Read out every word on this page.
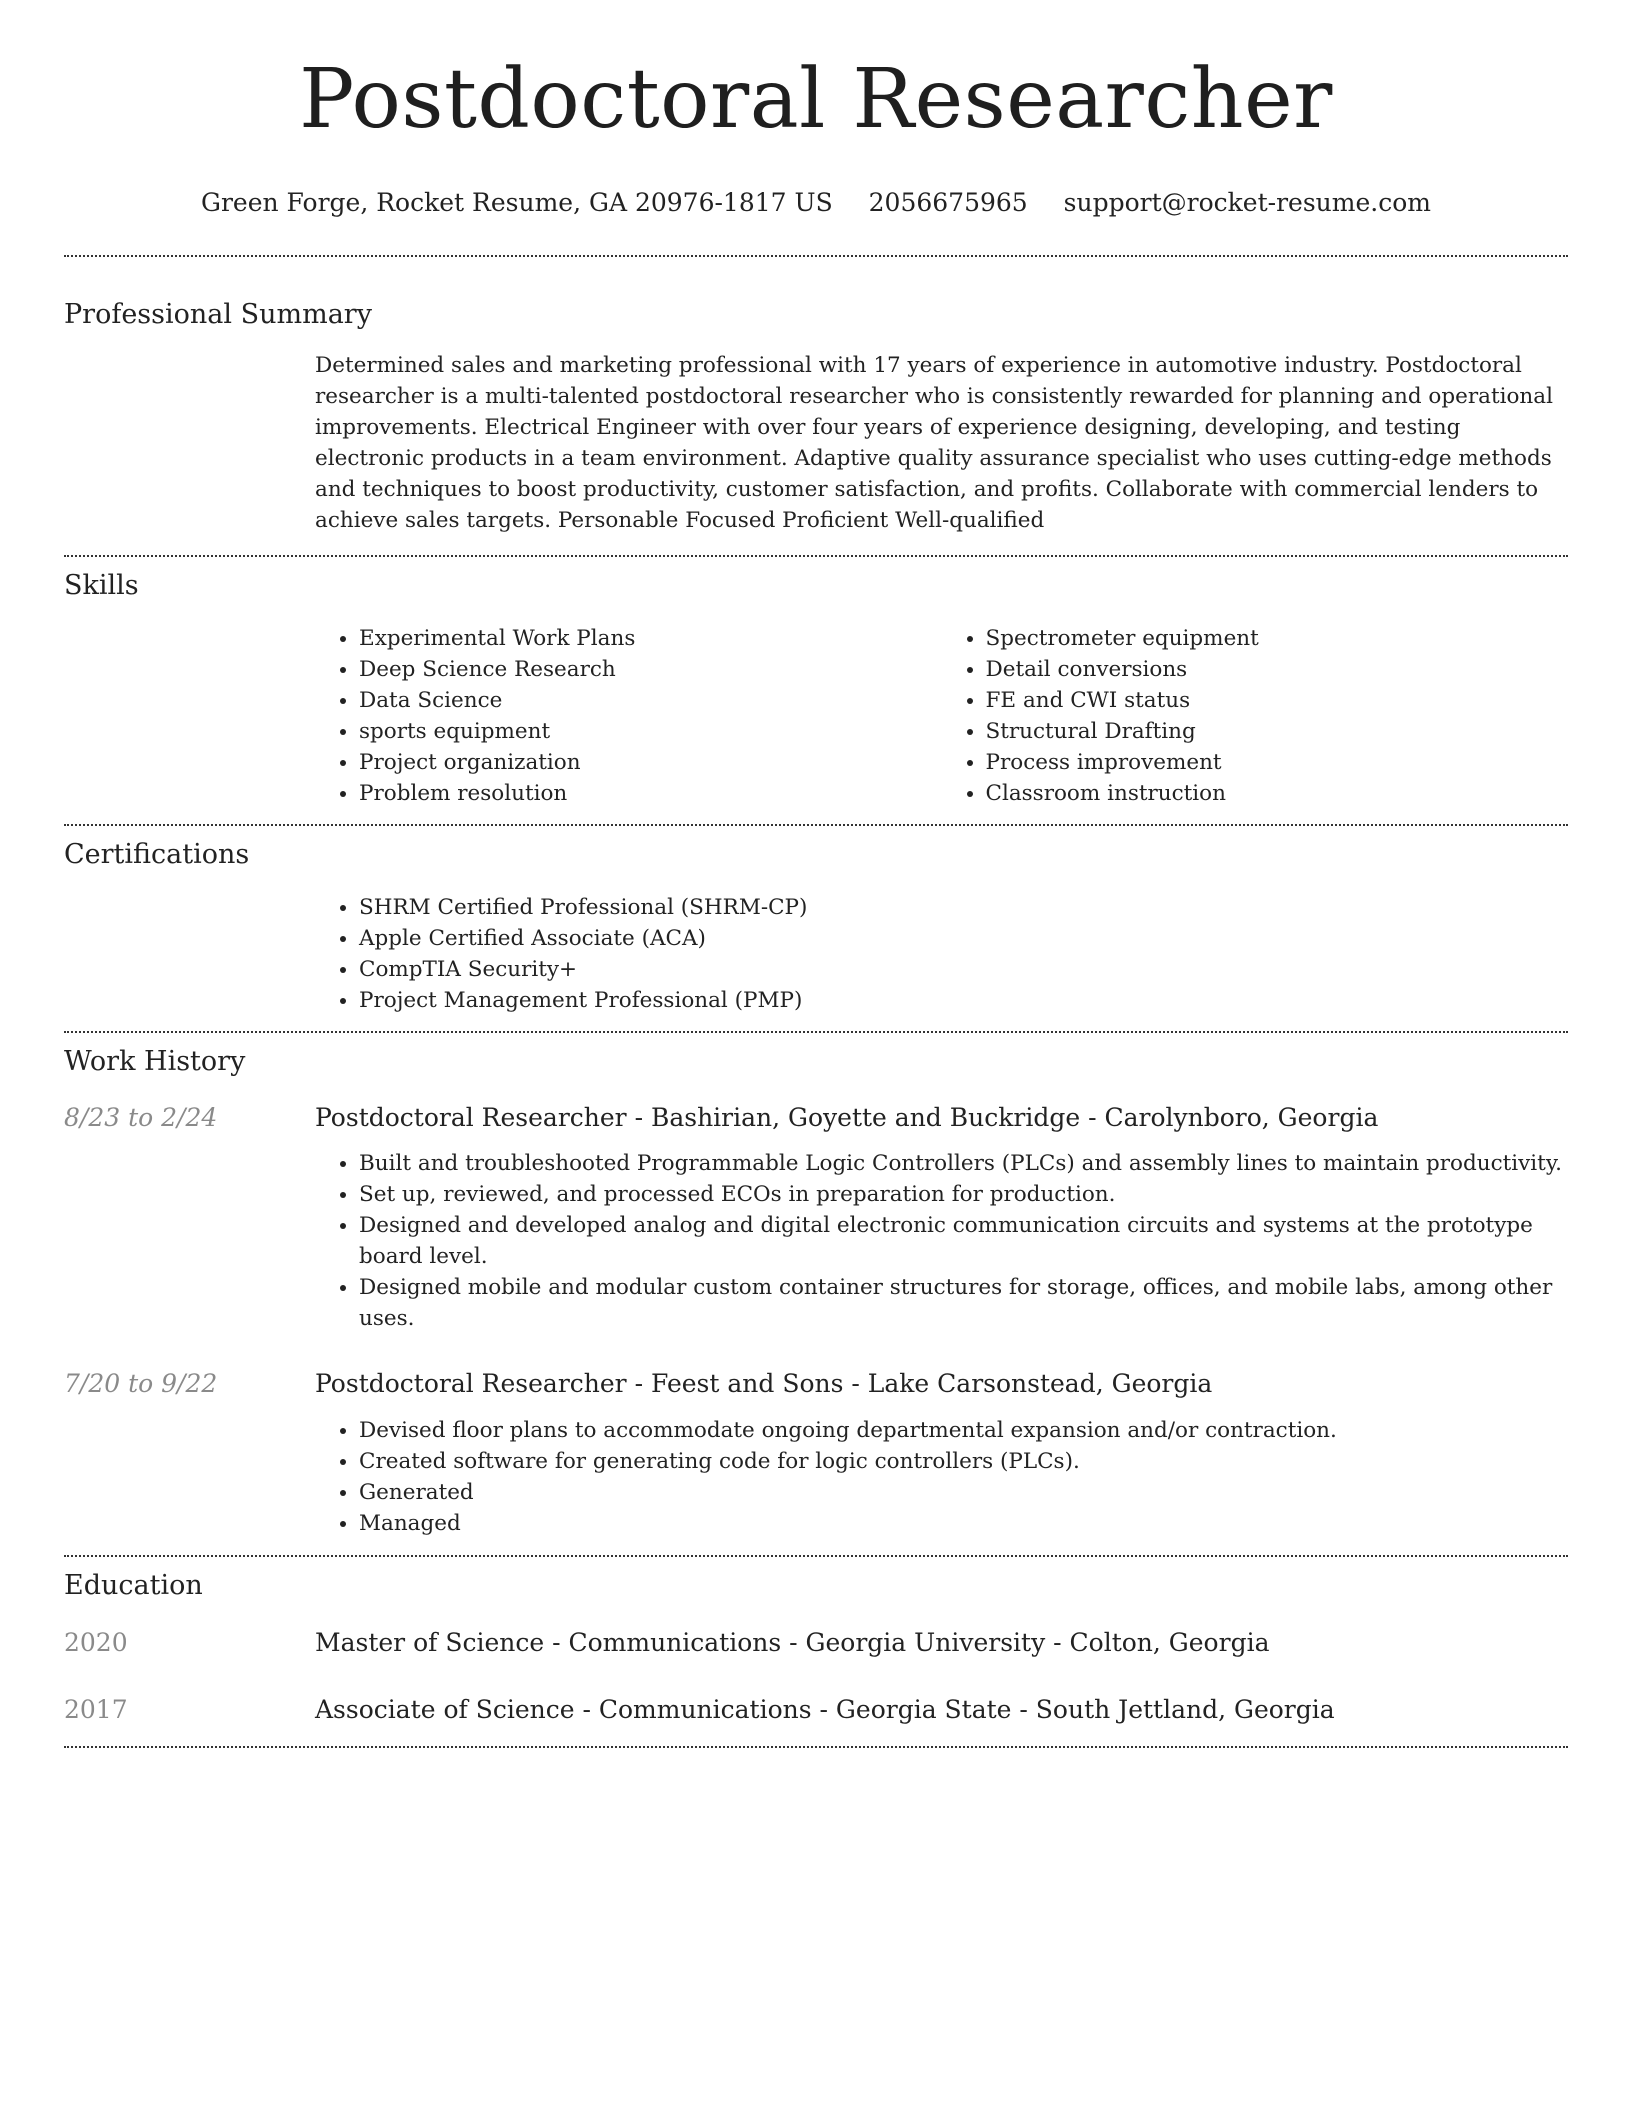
Postdoctoral Researcher
Green Forge, Rocket Resume, GA 20976-1817 US 2056675965 support@rocket-resume.com
Professional Summary
Determined sales and marketing professional with 17 years of experience in automotive industry. Postdoctoral researcher is a multi-talented postdoctoral researcher who is consistently rewarded for planning and operational improvements. Electrical Engineer with over four years of experience designing, developing, and testing electronic products in a team environment. Adaptive quality assurance specialist who uses cutting-edge methods and techniques to boost productivity, customer satisfaction, and profits. Collaborate with commercial lenders to achieve sales targets. Personable Focused Proficient Well-qualified
Skills
• Experimental Work Plans
• Deep Science Research
• Data Science
• sports equipment
• Project organization
• Problem resolution
• Spectrometer equipment
• Detail conversions
• FE and CWI status
• Structural Drafting
• Process improvement
• Classroom instruction
Certifications
• SHRM Certified Professional (SHRM-CP)
• Apple Certified Associate (ACA)
• CompTIA Security+
• Project Management Professional (PMP)
Work History
8/23 to 2/24	Postdoctoral Researcher - Bashirian, Goyette and Buckridge - Carolynboro, Georgia
• Built and troubleshooted Programmable Logic Controllers (PLCs) and assembly lines to maintain productivity.
• Set up, reviewed, and processed ECOs in preparation for production.
• Designed and developed analog and digital electronic communication circuits and systems at the prototype board level.
• Designed mobile and modular custom container structures for storage, offices, and mobile labs, among other uses.
7/20 to 9/22	Postdoctoral Researcher - Feest and Sons - Lake Carsonstead, Georgia
• Devised floor plans to accommodate ongoing departmental expansion and/or contraction.
• Created software for generating code for logic controllers (PLCs).
• Generated
• Managed
Education
2020	Master of Science - Communications - Georgia University - Colton, Georgia
2017	Associate of Science - Communications - Georgia State - South Jettland, Georgia
